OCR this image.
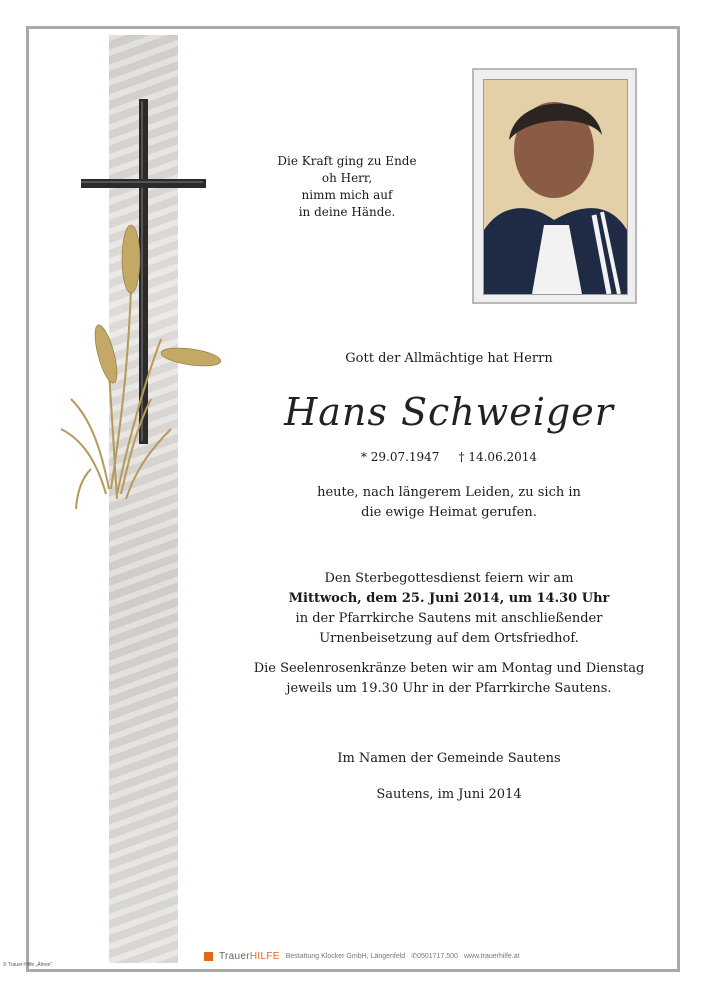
Die Kraft ging zu Ende
oh Herr,
nimm mich auf
in deine Hände.
Gott der Allmächtige hat Herrn
Hans Schweiger
* 29.07.1947 † 14.06.2014
heute, nach längerem Leiden, zu sich in
die ewige Heimat gerufen.
Den Sterbegottesdienst feiern wir am
Mittwoch, dem 25. Juni 2014, um 14.30 Uhr
in der Pfarrkirche Sautens mit anschließender
Urnenbeisetzung auf dem Ortsfriedhof.
Die Seelenrosenkränze beten wir am Montag und Dienstag
jeweils um 19.30 Uhr in der Pfarrkirche Sautens.
Im Namen der Gemeinde Sautens
Sautens, im Juni 2014
TrauerHILFE Bestattung Klocker GmbH, Längenfeld ✆0501717.500 www.trauerhilfe.at
© Trauer-Hilfe „Ähren“
